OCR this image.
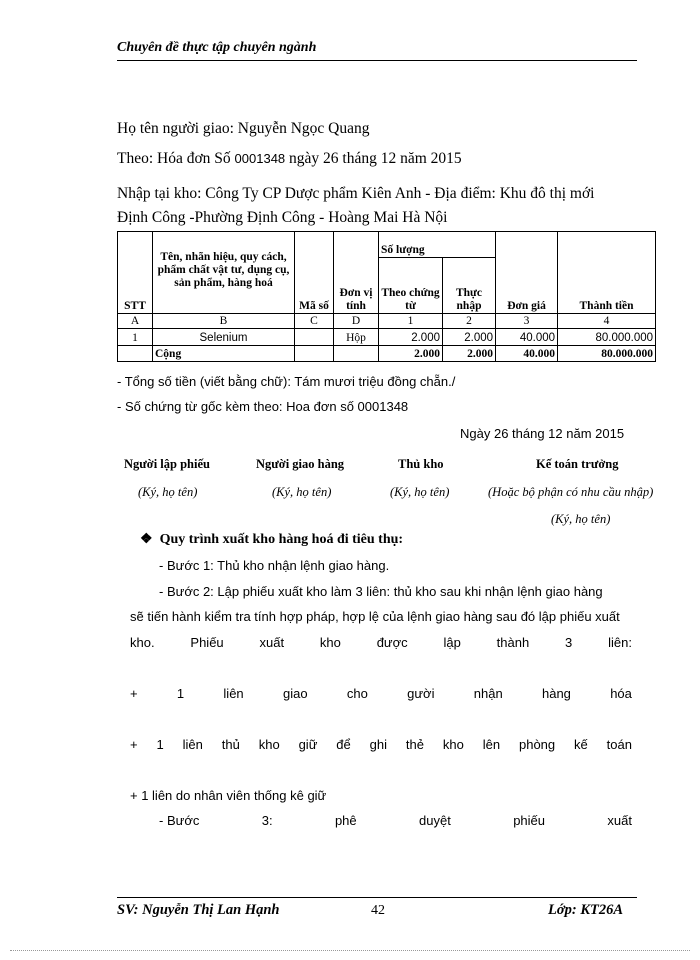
Chuyên đề thực tập chuyên ngành
Họ tên người giao: Nguyễn Ngọc Quang
Theo: Hóa đơn Số 0001348 ngày 26 tháng 12 năm 2015
Nhập tại kho: Công Ty CP Dược phẩm Kiên Anh - Địa điểm: Khu đô thị mới
Định Công -Phường Định Công - Hoàng Mai Hà Nội
STT	Tên, nhãn hiệu, quy cách, phẩm chất vật tư, dụng cụ, sản phẩm, hàng hoá	Mã số	Đơn vị tính	Số lượng		Đơn giá	Thành tiền
				Theo chứng từ	Thực nhập		
A	B	C	D	1	2	3	4
1	Selenium		Hộp	2.000	2.000	40.000	80.000.000
	Cộng			2.000	2.000	40.000	80.000.000
- Tổng số tiền (viết bằng chữ): Tám mươi triệu đồng chẵn./
- Số chứng từ gốc kèm theo: Hoa đơn số 0001348
Ngày 26 tháng 12 năm 2015
Người lập phiếu	Người giao hàng	Thủ kho	Kế toán trưởng
(Ký, họ tên)	(Ký, họ tên)	(Ký, họ tên)	(Hoặc bộ phận có nhu cầu nhập)
(Ký, họ tên)
❖ Quy trình xuất kho hàng hoá đi tiêu thụ:
- Bước 1: Thủ kho nhận lệnh giao hàng.
- Bước 2: Lập phiếu xuất kho làm 3 liên: thủ kho sau khi nhận lệnh giao hàng
sẽ tiến hành kiểm tra tính hợp pháp, hợp lệ của lệnh giao hàng sau đó lập phiếu xuất
kho.	Phiếu	xuất	kho	được	lập	thành	3	liên:
+	1	liên	giao	cho	gười	nhận	hàng	hóa
+ 1 liên thủ kho giữ để ghi thẻ kho lên phòng kế toán
+ 1 liên do nhân viên thống kê giữ
- Bước	3:	phê	duyệt	phiếu	xuất
SV: Nguyễn Thị Lan Hạnh	42	Lớp: KT26A
